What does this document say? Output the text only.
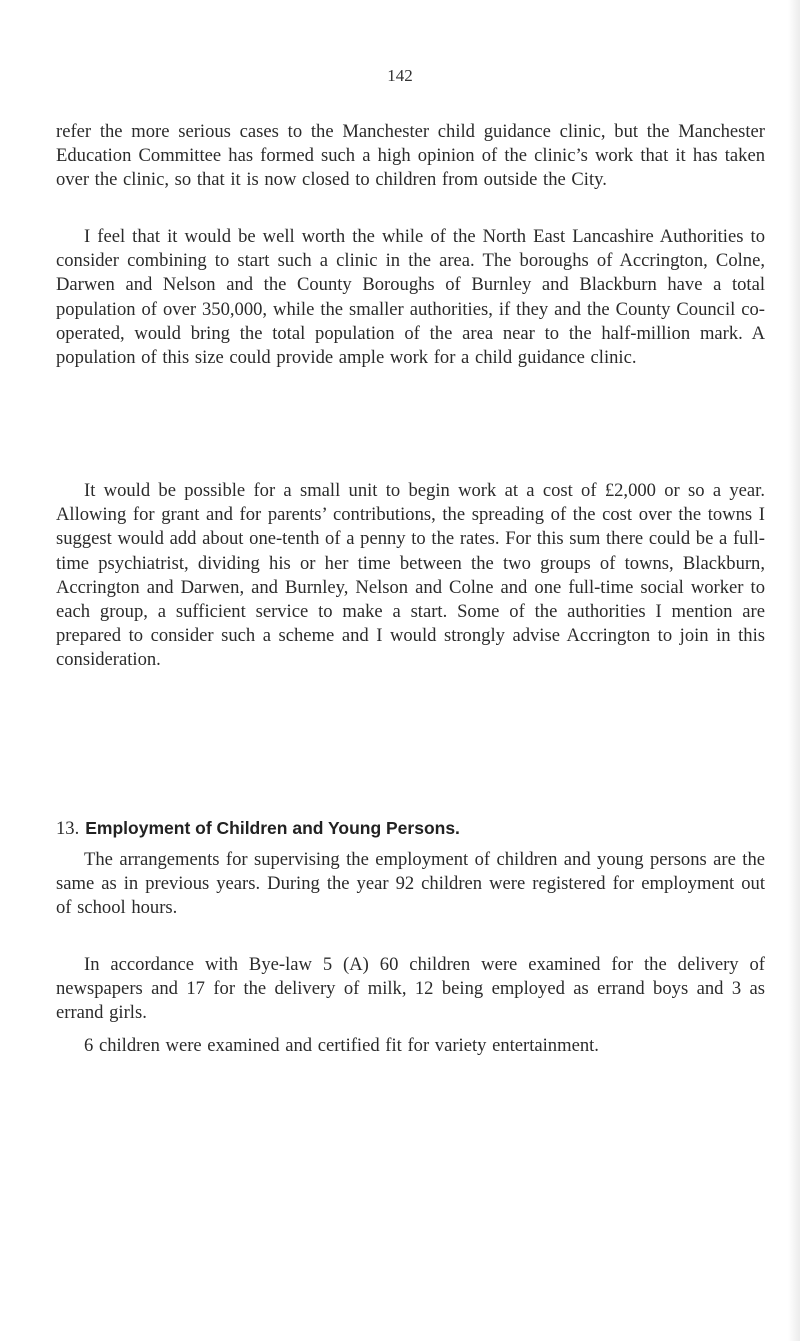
142

refer the more serious cases to the Manchester child guidance clinic, but the Manchester Education Committee has formed such a high opinion of the clinic’s work that it has taken over the clinic, so that it is now closed to children from outside the City.

I feel that it would be well worth the while of the North East Lancashire Authorities to consider combining to start such a clinic in the area. The boroughs of Accrington, Colne, Darwen and Nelson and the County Boroughs of Burnley and Blackburn have a total population of over 350,000, while the smaller authorities, if they and the County Council co-operated, would bring the total population of the area near to the half-million mark. A population of this size could provide ample work for a child guidance clinic.

It would be possible for a small unit to begin work at a cost of £2,000 or so a year. Allowing for grant and for parents’ contributions, the spreading of the cost over the towns I suggest would add about one-tenth of a penny to the rates. For this sum there could be a full-time psychiatrist, dividing his or her time between the two groups of towns, Blackburn, Accrington and Darwen, and Burnley, Nelson and Colne and one full-time social worker to each group, a sufficient service to make a start. Some of the authorities I mention are prepared to consider such a scheme and I would strongly advise Accrington to join in this consideration.

13. Employment of Children and Young Persons.

The arrangements for supervising the employment of children and young persons are the same as in previous years. During the year 92 children were registered for employment out of school hours.

In accordance with Bye-law 5 (A) 60 children were examined for the delivery of newspapers and 17 for the delivery of milk, 12 being employed as errand boys and 3 as errand girls.

6 children were examined and certified fit for variety entertainment.
